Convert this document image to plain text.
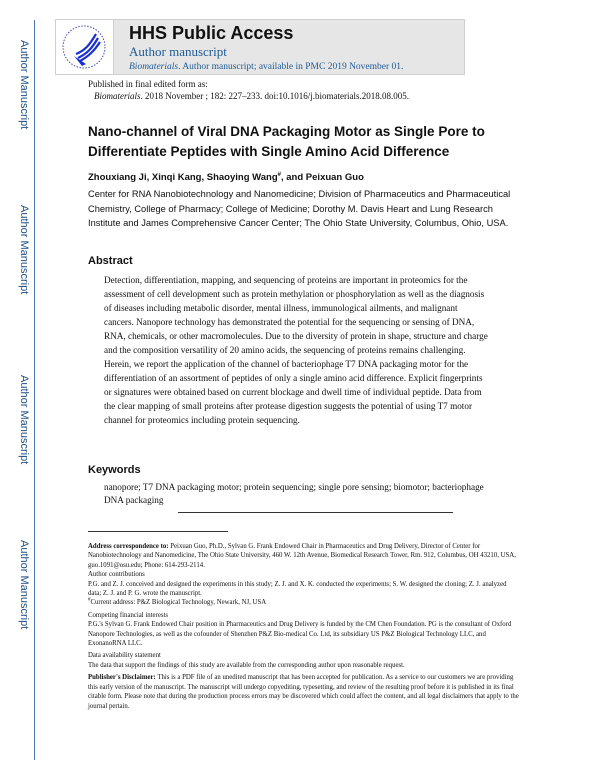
Author Manuscript
Author Manuscript
Author Manuscript
Author Manuscript
HHS Public Access
Author manuscript
Biomaterials. Author manuscript; available in PMC 2019 November 01.
Published in final edited form as:
Biomaterials. 2018 November ; 182: 227–233. doi:10.1016/j.biomaterials.2018.08.005.
Nano-channel of Viral DNA Packaging Motor as Single Pore to Differentiate Peptides with Single Amino Acid Difference
Zhouxiang Ji, Xinqi Kang, Shaoying Wang#, and Peixuan Guo
Center for RNA Nanobiotechnology and Nanomedicine; Division of Pharmaceutics and Pharmaceutical Chemistry, College of Pharmacy; College of Medicine; Dorothy M. Davis Heart and Lung Research Institute and James Comprehensive Cancer Center; The Ohio State University, Columbus, Ohio, USA.
Abstract
Detection, differentiation, mapping, and sequencing of proteins are important in proteomics for the assessment of cell development such as protein methylation or phosphorylation as well as the diagnosis of diseases including metabolic disorder, mental illness, immunological ailments, and malignant cancers. Nanopore technology has demonstrated the potential for the sequencing or sensing of DNA, RNA, chemicals, or other macromolecules. Due to the diversity of protein in shape, structure and charge and the composition versatility of 20 amino acids, the sequencing of proteins remains challenging. Herein, we report the application of the channel of bacteriophage T7 DNA packaging motor for the differentiation of an assortment of peptides of only a single amino acid difference. Explicit fingerprints or signatures were obtained based on current blockage and dwell time of individual peptide. Data from the clear mapping of small proteins after protease digestion suggests the potential of using T7 motor channel for proteomics including protein sequencing.
Keywords
nanopore; T7 DNA packaging motor; protein sequencing; single pore sensing; biomotor; bacteriophage DNA packaging

Address correspondence to: Peixuan Guo, Ph.D., Sylvan G. Frank Endowed Chair in Pharmaceutics and Drug Delivery, Director of Center for Nanobiotechnology and Nanomedicine, The Ohio State University, 460 W. 12th Avenue, Biomedical Research Tower, Rm. 912, Columbus, OH 43210, USA, guo.1091@osu.edu; Phone: 614-293-2114.

Author contributions

P.G. and Z. J. conceived and designed the experiments in this study; Z. J. and X. K. conducted the experiments; S. W. designed the cloning; Z. J. analyzed data; Z. J. and P. G. wrote the manuscript.

#Current address: P&Z Biological Technology, Newark, NJ, USA

Competing financial interests

P.G.'s Sylvan G. Frank Endowed Chair position in Pharmaceutics and Drug Delivery is funded by the CM Chen Foundation. PG is the consultant of Oxford Nanopore Technologies, as well as the cofounder of Shenzhen P&Z Bio-medical Co. Ltd, its subsidiary US P&Z Biological Technology LLC, and ExonanoRNA LLC.

Data availability statement

The data that support the findings of this study are available from the corresponding author upon reasonable request.

Publisher's Disclaimer: This is a PDF file of an unedited manuscript that has been accepted for publication. As a service to our customers we are providing this early version of the manuscript. The manuscript will undergo copyediting, typesetting, and review of the resulting proof before it is published in its final citable form. Please note that during the production process errors may be discovered which could affect the content, and all legal disclaimers that apply to the journal pertain.
